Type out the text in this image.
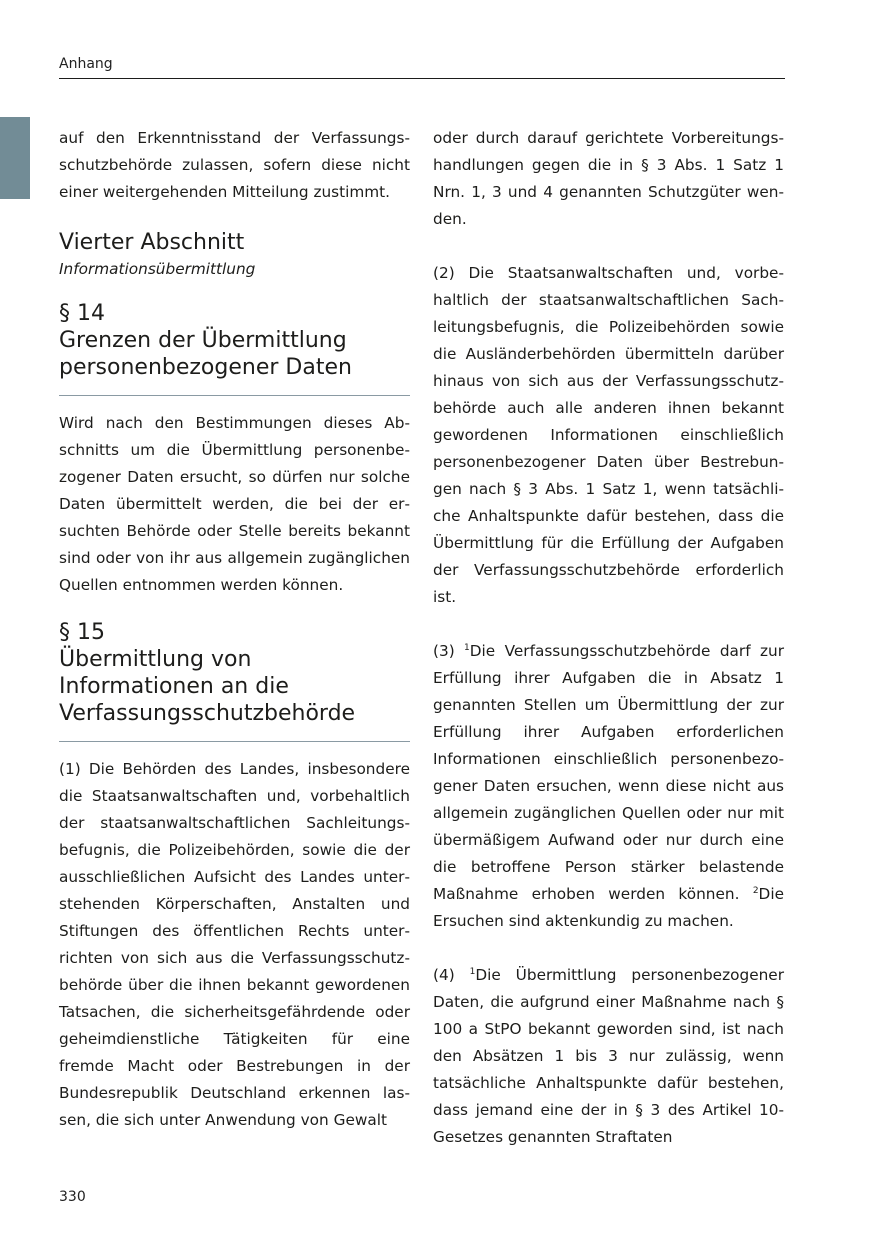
Anhang

auf den Erkenntnisstand der Verfassungsschutzbehörde zulassen, sofern diese nicht einer weitergehenden Mitteilung zustimmt.

Vierter Abschnitt
Informationsübermittlung
§ 14
Grenzen der Übermittlung personenbezogener Daten

Wird nach den Bestimmungen dieses Abschnitts um die Übermittlung personenbezogener Daten ersucht, so dürfen nur solche Daten übermittelt werden, die bei der ersuchten Behörde oder Stelle bereits bekannt sind oder von ihr aus allgemein zugänglichen Quellen entnommen werden können.

§ 15
Übermittlung von Informationen an die Verfassungsschutzbehörde

(1) Die Behörden des Landes, insbesondere die Staatsanwaltschaften und, vorbehaltlich der staatsanwaltschaftlichen Sachleitungsbefugnis, die Polizeibehörden, sowie die der ausschließlichen Aufsicht des Landes unterstehenden Körperschaften, Anstalten und Stiftungen des öffentlichen Rechts unterrichten von sich aus die Verfassungsschutzbehörde über die ihnen bekannt gewordenen Tatsachen, die sicherheitsgefährdende oder geheimdienstliche Tätigkeiten für eine fremde Macht oder Bestrebungen in der Bundesrepublik Deutschland erkennen lassen, die sich unter Anwendung von Gewalt

oder durch darauf gerichtete Vorbereitungshandlungen gegen die in § 3 Abs. 1 Satz 1 Nrn. 1, 3 und 4 genannten Schutzgüter wenden.

(2) Die Staatsanwaltschaften und, vorbehaltlich der staatsanwaltschaftlichen Sachleitungsbefugnis, die Polizeibehörden sowie die Ausländerbehörden übermitteln darüber hinaus von sich aus der Verfassungsschutzbehörde auch alle anderen ihnen bekannt gewordenen Informationen einschließlich personenbezogener Daten über Bestrebungen nach § 3 Abs. 1 Satz 1, wenn tatsächliche Anhaltspunkte dafür bestehen, dass die Übermittlung für die Erfüllung der Aufgaben der Verfassungsschutzbehörde erforderlich ist.

(3) $^1$Die Verfassungsschutzbehörde darf zur Erfüllung ihrer Aufgaben die in Absatz 1 genannten Stellen um Übermittlung der zur Erfüllung ihrer Aufgaben erforderlichen Informationen einschließlich personenbezogener Daten ersuchen, wenn diese nicht aus allgemein zugänglichen Quellen oder nur mit übermäßigem Aufwand oder nur durch eine die betroffene Person stärker belastende Maßnahme erhoben werden können. $^2$Die Ersuchen sind aktenkundig zu machen.

(4) $^1$Die Übermittlung personenbezogener Daten, die aufgrund einer Maßnahme nach § 100 a StPO bekannt geworden sind, ist nach den Absätzen 1 bis 3 nur zulässig, wenn tatsächliche Anhaltspunkte dafür bestehen, dass jemand eine der in § 3 des Artikel 10-Gesetzes genannten Straftaten

330
